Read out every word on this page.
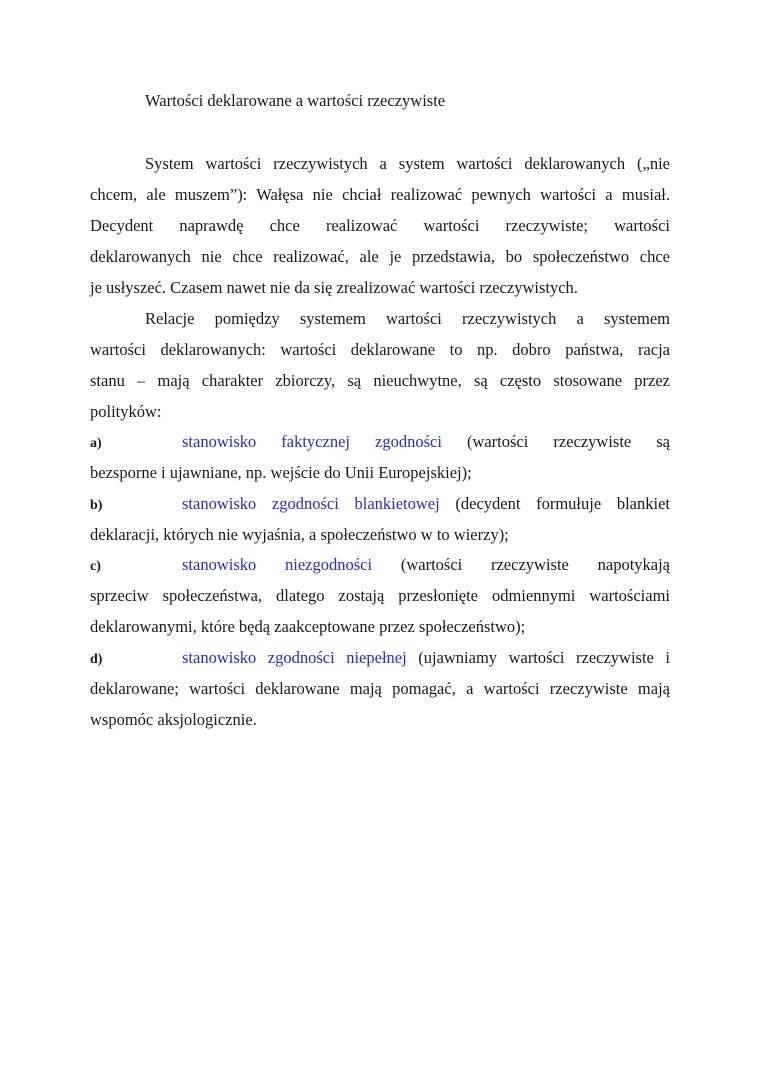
Wartości deklarowane a wartości rzeczywiste
System wartości rzeczywistych a system wartości deklarowanych („nie
chcem, ale muszem”): Wałęsa nie chciał realizować pewnych wartości a musiał.
Decydent naprawdę chce realizować wartości rzeczywiste; wartości
deklarowanych nie chce realizować, ale je przedstawia, bo społeczeństwo chce
je usłyszeć. Czasem nawet nie da się zrealizować wartości rzeczywistych.
Relacje pomiędzy systemem wartości rzeczywistych a systemem
wartości deklarowanych: wartości deklarowane to np. dobro państwa, racja
stanu – mają charakter zbiorczy, są nieuchwytne, są często stosowane przez
polityków:
a)	stanowisko faktycznej zgodności (wartości rzeczywiste są
bezsporne i ujawniane, np. wejście do Unii Europejskiej);
b)	stanowisko zgodności blankietowej (decydent formułuje blankiet
deklaracji, których nie wyjaśnia, a społeczeństwo w to wierzy);
c)	stanowisko niezgodności (wartości rzeczywiste napotykają
sprzeciw społeczeństwa, dlatego zostają przesłonięte odmiennymi wartościami
deklarowanymi, które będą zaakceptowane przez społeczeństwo);
d)	stanowisko zgodności niepełnej (ujawniamy wartości rzeczywiste i
deklarowane; wartości deklarowane mają pomagać, a wartości rzeczywiste mają
wspomóc aksjologicznie.
